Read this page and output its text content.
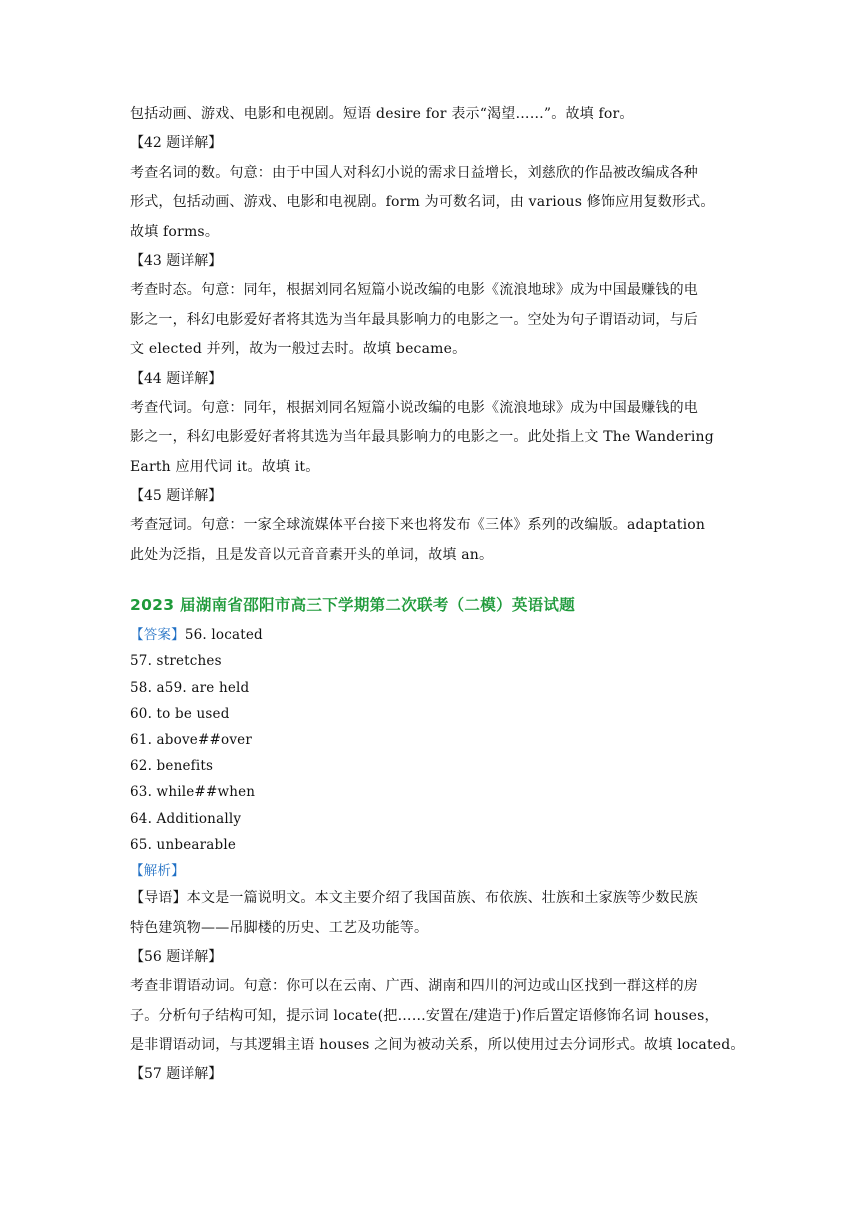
包括动画、游戏、电影和电视剧。短语 desire for 表示“渴望……”。故填 for。
【42 题详解】
考查名词的数。句意：由于中国人对科幻小说的需求日益增长，刘慈欣的作品被改编成各种
形式，包括动画、游戏、电影和电视剧。form 为可数名词，由 various 修饰应用复数形式。
故填 forms。
【43 题详解】
考查时态。句意：同年，根据刘同名短篇小说改编的电影《流浪地球》成为中国最赚钱的电
影之一，科幻电影爱好者将其选为当年最具影响力的电影之一。空处为句子谓语动词，与后
文 elected 并列，故为一般过去时。故填 became。
【44 题详解】
考查代词。句意：同年，根据刘同名短篇小说改编的电影《流浪地球》成为中国最赚钱的电
影之一，科幻电影爱好者将其选为当年最具影响力的电影之一。此处指上文 The Wandering
Earth 应用代词 it。故填 it。
【45 题详解】
考查冠词。句意：一家全球流媒体平台接下来也将发布《三体》系列的改编版。adaptation
此处为泛指，且是发音以元音音素开头的单词，故填 an。
2023 届湖南省邵阳市高三下学期第二次联考（二模）英语试题
【答案】56. located
57. stretches
58. a59. are held
60. to be used
61. above##over
62. benefits
63. while##when
64. Additionally
65. unbearable
【解析】
【导语】本文是一篇说明文。本文主要介绍了我国苗族、布依族、壮族和土家族等少数民族
特色建筑物——吊脚楼的历史、工艺及功能等。
【56 题详解】
考查非谓语动词。句意：你可以在云南、广西、湖南和四川的河边或山区找到一群这样的房
子。分析句子结构可知，提示词 locate(把……安置在/建造于)作后置定语修饰名词 houses，
是非谓语动词，与其逻辑主语 houses 之间为被动关系，所以使用过去分词形式。故填 located。
【57 题详解】
